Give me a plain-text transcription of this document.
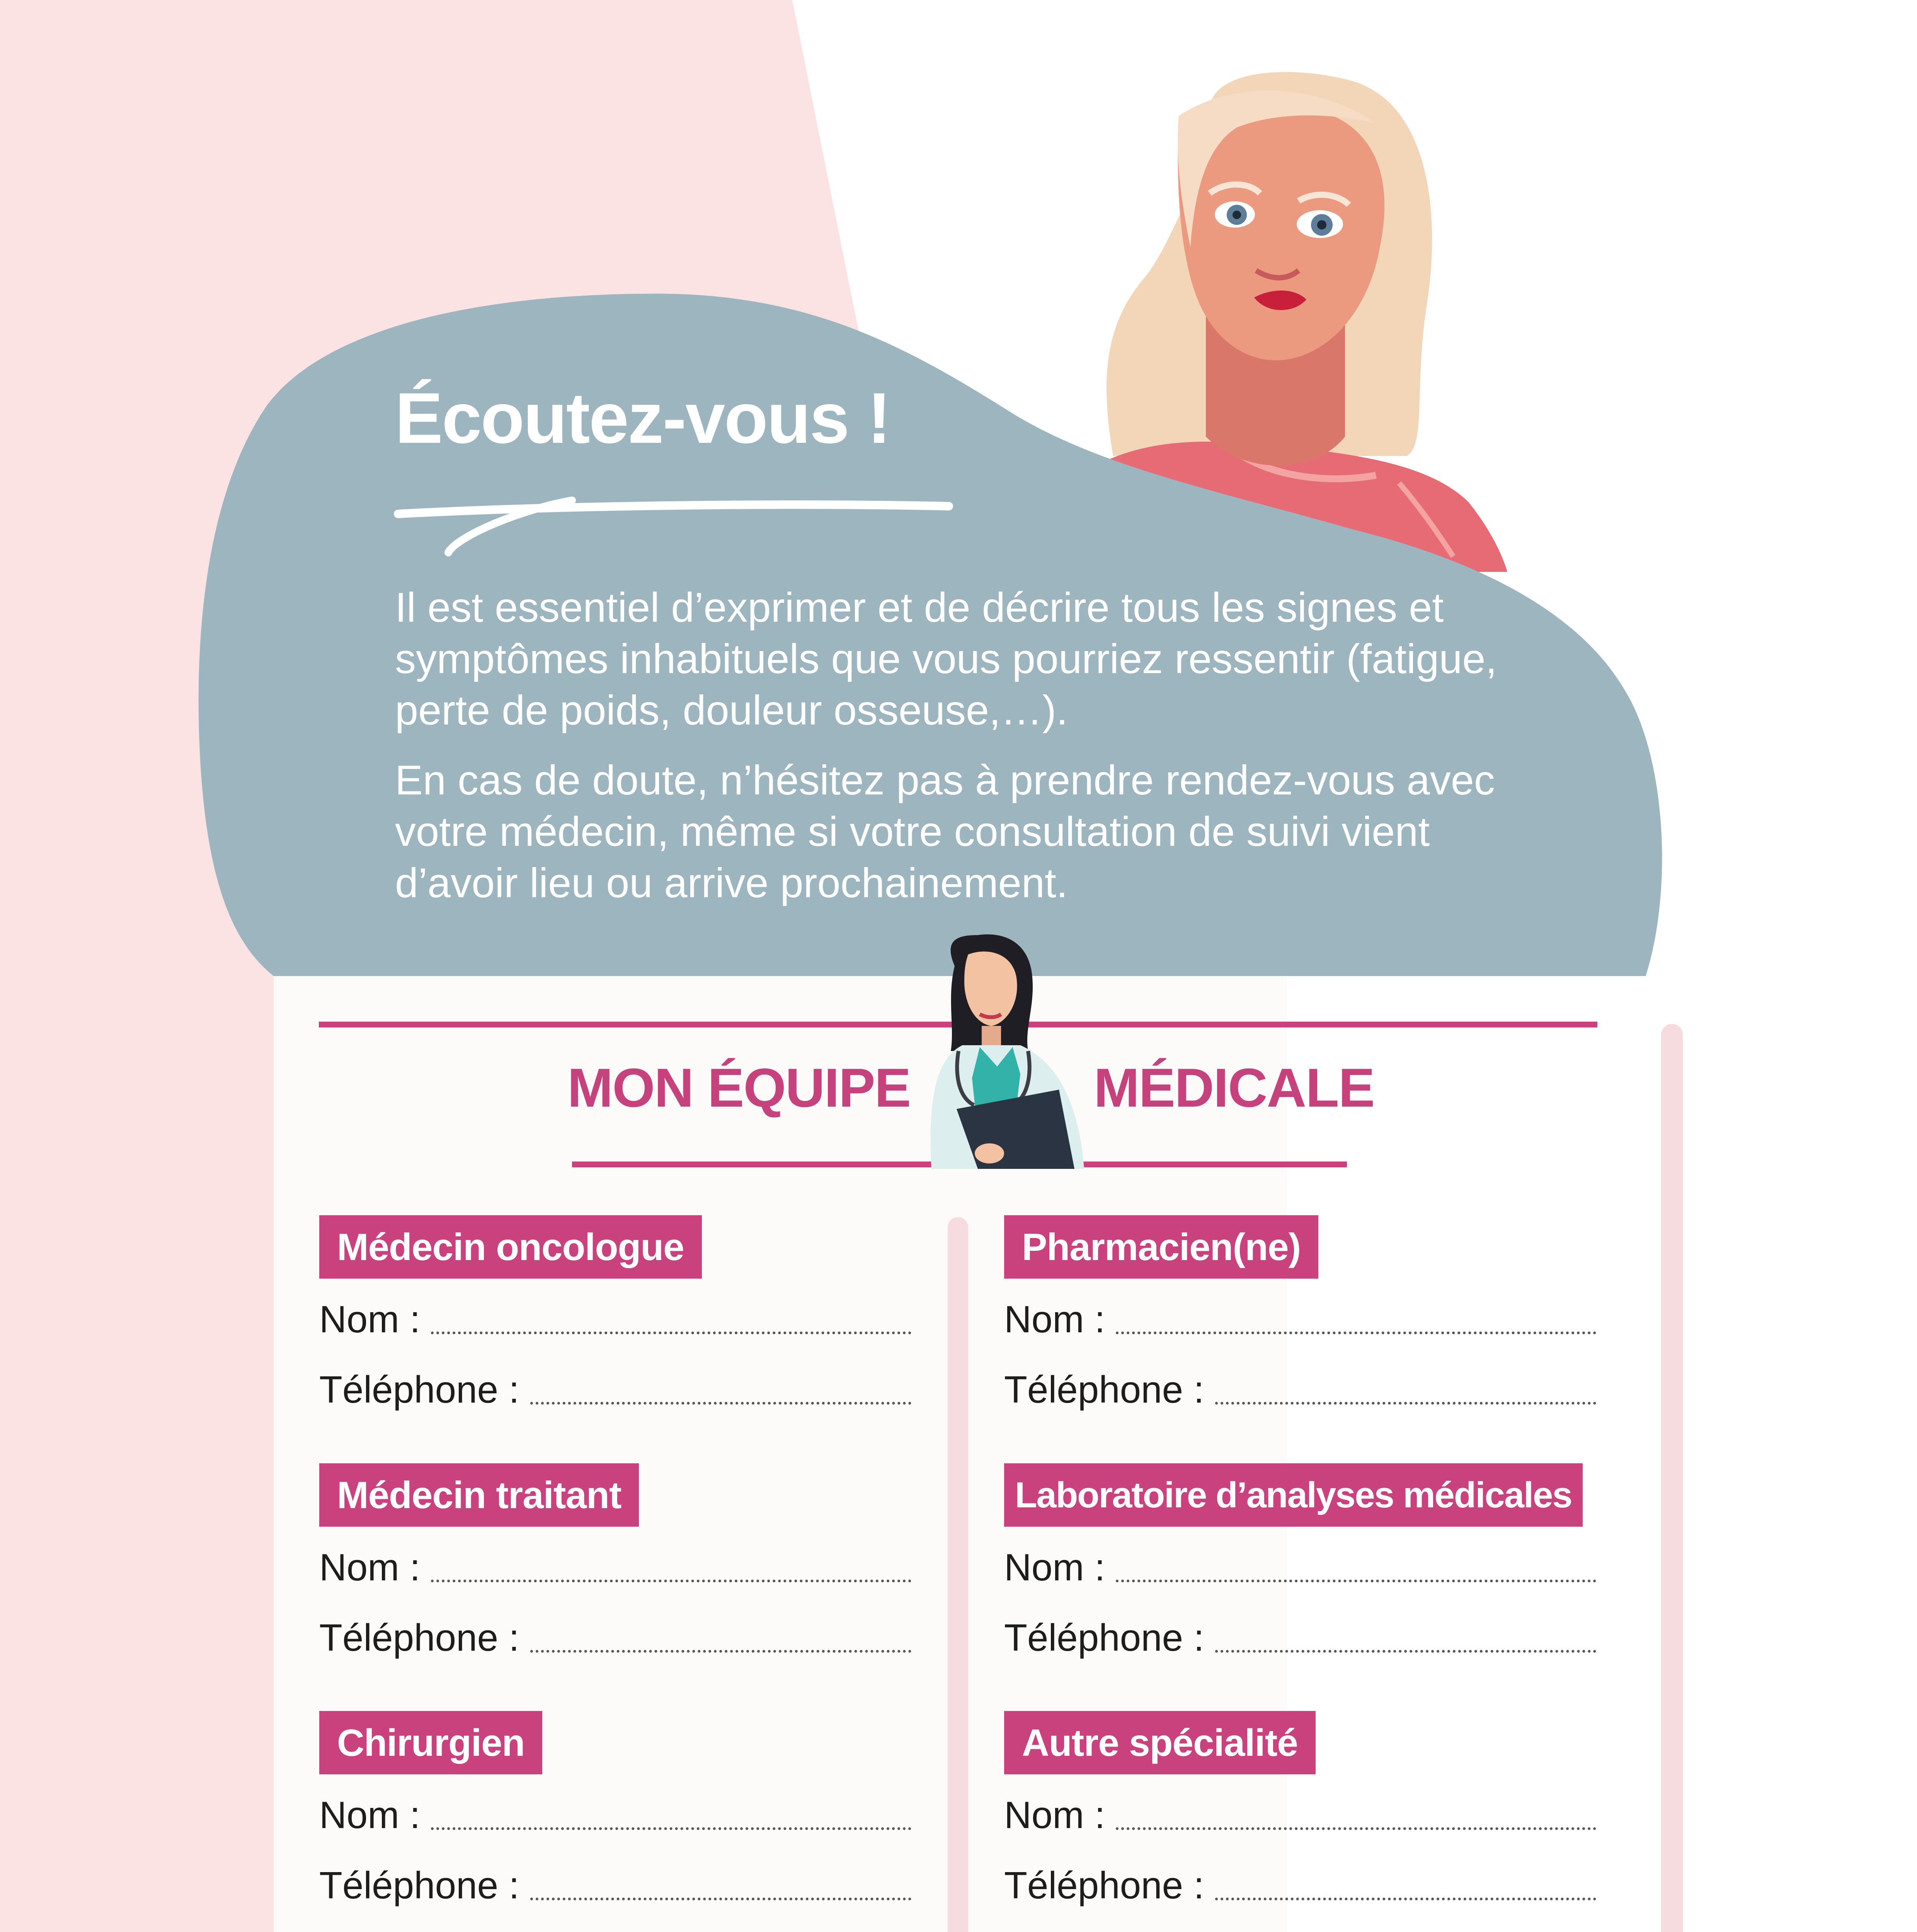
Écoutez-vous !

Il est essentiel d’exprimer et de décrire tous les signes et symptômes inhabituels que vous pourriez ressentir (fatigue, perte de poids, douleur osseuse,…).

En cas de doute, n’hésitez pas à prendre rendez-vous avec votre médecin, même si votre consultation de suivi vient d’avoir lieu ou arrive prochainement.

MON ÉQUIPE	MÉDICALE
Médecin oncologue
Nom :
Téléphone :
Médecin traitant
Nom :
Téléphone :
Chirurgien
Nom :
Téléphone :
Pharmacien(ne)
Nom :
Téléphone :
Laboratoire d’analyses médicales
Nom :
Téléphone :
Autre spécialité
Nom :
Téléphone :
